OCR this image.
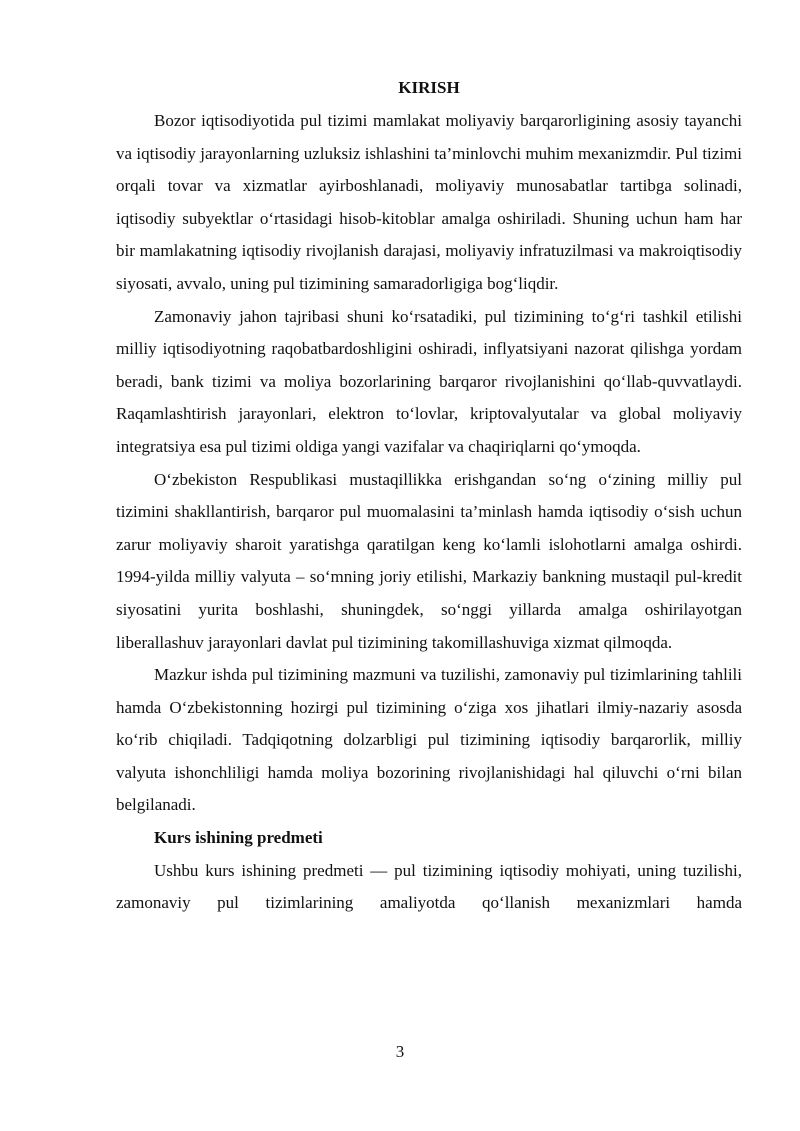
KIRISH

Bozor iqtisodiyotida pul tizimi mamlakat moliyaviy barqarorligining asosiy tayanchi va iqtisodiy jarayonlarning uzluksiz ishlashini ta’minlovchi muhim mexanizmdir. Pul tizimi orqali tovar va xizmatlar ayirboshlanadi, moliyaviy munosabatlar tartibga solinadi, iqtisodiy subyektlar o‘rtasidagi hisob-kitoblar amalga oshiriladi. Shuning uchun ham har bir mamlakatning iqtisodiy rivojlanish darajasi, moliyaviy infratuzilmasi va makroiqtisodiy siyosati, avvalo, uning pul tizimining samaradorligiga bog‘liqdir.

Zamonaviy jahon tajribasi shuni ko‘rsatadiki, pul tizimining to‘g‘ri tashkil etilishi milliy iqtisodiyotning raqobatbardoshligini oshiradi, inflyatsiyani nazorat qilishga yordam beradi, bank tizimi va moliya bozorlarining barqaror rivojlanishini qo‘llab-quvvatlaydi. Raqamlashtirish jarayonlari, elektron to‘lovlar, kriptovalyutalar va global moliyaviy integratsiya esa pul tizimi oldiga yangi vazifalar va chaqiriqlarni qo‘ymoqda.

O‘zbekiston Respublikasi mustaqillikka erishgandan so‘ng o‘zining milliy pul tizimini shakllantirish, barqaror pul muomalasini ta’minlash hamda iqtisodiy o‘sish uchun zarur moliyaviy sharoit yaratishga qaratilgan keng ko‘lamli islohotlarni amalga oshirdi. 1994-yilda milliy valyuta – so‘mning joriy etilishi, Markaziy bankning mustaqil pul-kredit siyosatini yurita boshlashi, shuningdek, so‘nggi yillarda amalga oshirilayotgan liberallashuv jarayonlari davlat pul tizimining takomillashuviga xizmat qilmoqda.

Mazkur ishda pul tizimining mazmuni va tuzilishi, zamonaviy pul tizimlarining tahlili hamda O‘zbekistonning hozirgi pul tizimining o‘ziga xos jihatlari ilmiy-nazariy asosda ko‘rib chiqiladi. Tadqiqotning dolzarbligi pul tizimining iqtisodiy barqarorlik, milliy valyuta ishonchliligi hamda moliya bozorining rivojlanishidagi hal qiluvchi o‘rni bilan belgilanadi.

Kurs ishining predmeti

Ushbu kurs ishining predmeti — pul tizimining iqtisodiy mohiyati, uning tuzilishi, zamonaviy pul tizimlarining amaliyotda qo‘llanish mexanizmlari hamda

3
